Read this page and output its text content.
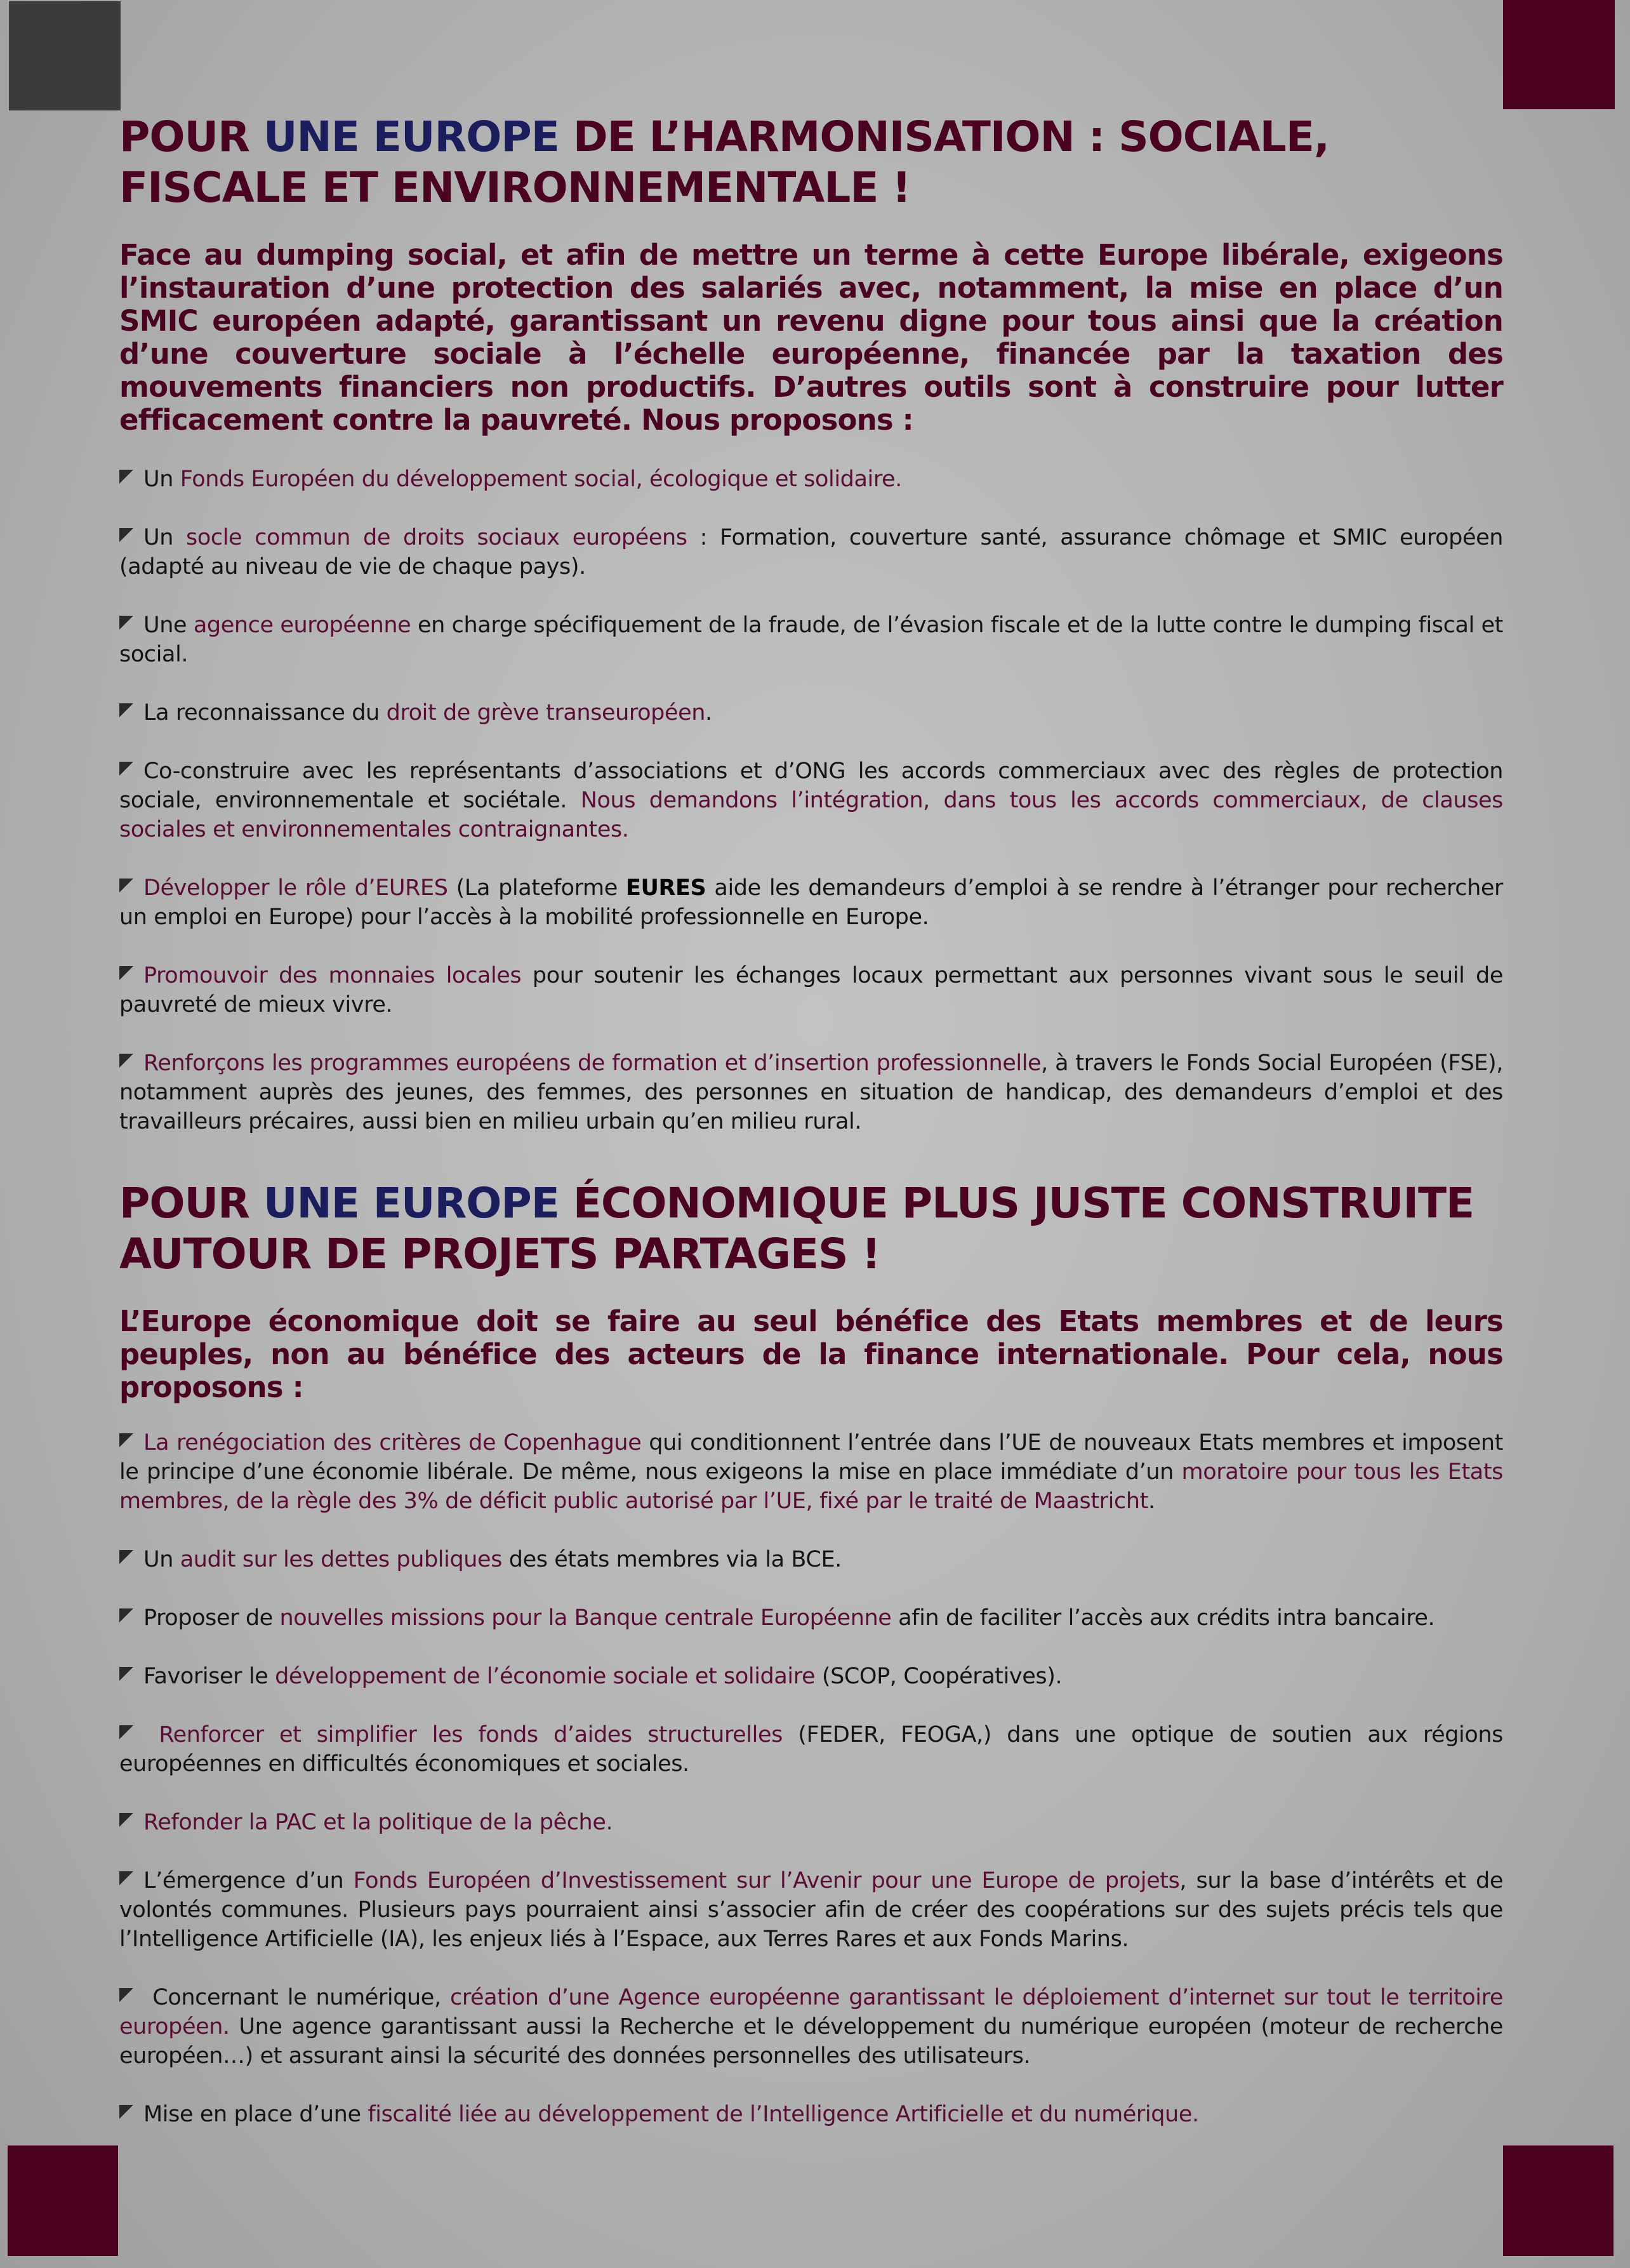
POUR UNE EUROPE DE L’HARMONISATION : SOCIALE, FISCALE ET ENVIRONNEMENTALE !

Face au dumping social, et afin de mettre un terme à cette Europe libérale, exigeons l’instauration d’une protection des salariés avec, notamment, la mise en place d’un SMIC européen adapté, garantissant un revenu digne pour tous ainsi que la création d’une couverture sociale à l’échelle européenne, financée par la taxation des mouvements financiers non productifs. D’autres outils sont à construire pour lutter efficacement contre la pauvreté. Nous proposons :

Un Fonds Européen du développement social, écologique et solidaire.

Un socle commun de droits sociaux européens : Formation, couverture santé, assurance chômage et SMIC européen (adapté au niveau de vie de chaque pays).

Une agence européenne en charge spécifiquement de la fraude, de l’évasion fiscale et de la lutte contre le dumping fiscal et social.

La reconnaissance du droit de grève transeuropéen.

Co-construire avec les représentants d’associations et d’ONG les accords commerciaux avec des règles de protection sociale, environnementale et sociétale. Nous demandons l’intégration, dans tous les accords commerciaux, de clauses sociales et environnementales contraignantes.

Développer le rôle d’EURES (La plateforme EURES aide les demandeurs d’emploi à se rendre à l’étranger pour rechercher un emploi en Europe) pour l’accès à la mobilité professionnelle en Europe.

Promouvoir des monnaies locales pour soutenir les échanges locaux permettant aux personnes vivant sous le seuil de pauvreté de mieux vivre.

Renforçons les programmes européens de formation et d’insertion professionnelle, à travers le Fonds Social Européen (FSE), notamment auprès des jeunes, des femmes, des personnes en situation de handicap, des demandeurs d’emploi et des travailleurs précaires, aussi bien en milieu urbain qu’en milieu rural.

POUR UNE EUROPE ÉCONOMIQUE PLUS JUSTE CONSTRUITE AUTOUR DE PROJETS PARTAGES !

L’Europe économique doit se faire au seul bénéfice des Etats membres et de leurs peuples, non au bénéfice des acteurs de la finance internationale. Pour cela, nous proposons :

La renégociation des critères de Copenhague qui conditionnent l’entrée dans l’UE de nouveaux Etats membres et imposent le principe d’une économie libérale. De même, nous exigeons la mise en place immédiate d’un moratoire pour tous les Etats membres, de la règle des 3% de déficit public autorisé par l’UE, fixé par le traité de Maastricht.

Un audit sur les dettes publiques des états membres via la BCE.

Proposer de nouvelles missions pour la Banque centrale Européenne afin de faciliter l’accès aux crédits intra bancaire.

Favoriser le développement de l’économie sociale et solidaire (SCOP, Coopératives).

Renforcer et simplifier les fonds d’aides structurelles (FEDER, FEOGA,) dans une optique de soutien aux régions européennes en difficultés économiques et sociales.

Refonder la PAC et la politique de la pêche.

L’émergence d’un Fonds Européen d’Investissement sur l’Avenir pour une Europe de projets, sur la base d’intérêts et de volontés communes. Plusieurs pays pourraient ainsi s’associer afin de créer des coopérations sur des sujets précis tels que l’Intelligence Artificielle (IA), les enjeux liés à l’Espace, aux Terres Rares et aux Fonds Marins.

Concernant le numérique, création d’une Agence européenne garantissant le déploiement d’internet sur tout le territoire européen. Une agence garantissant aussi la Recherche et le développement du numérique européen (moteur de recherche européen…) et assurant ainsi la sécurité des données personnelles des utilisateurs.

Mise en place d’une fiscalité liée au développement de l’Intelligence Artificielle et du numérique.
